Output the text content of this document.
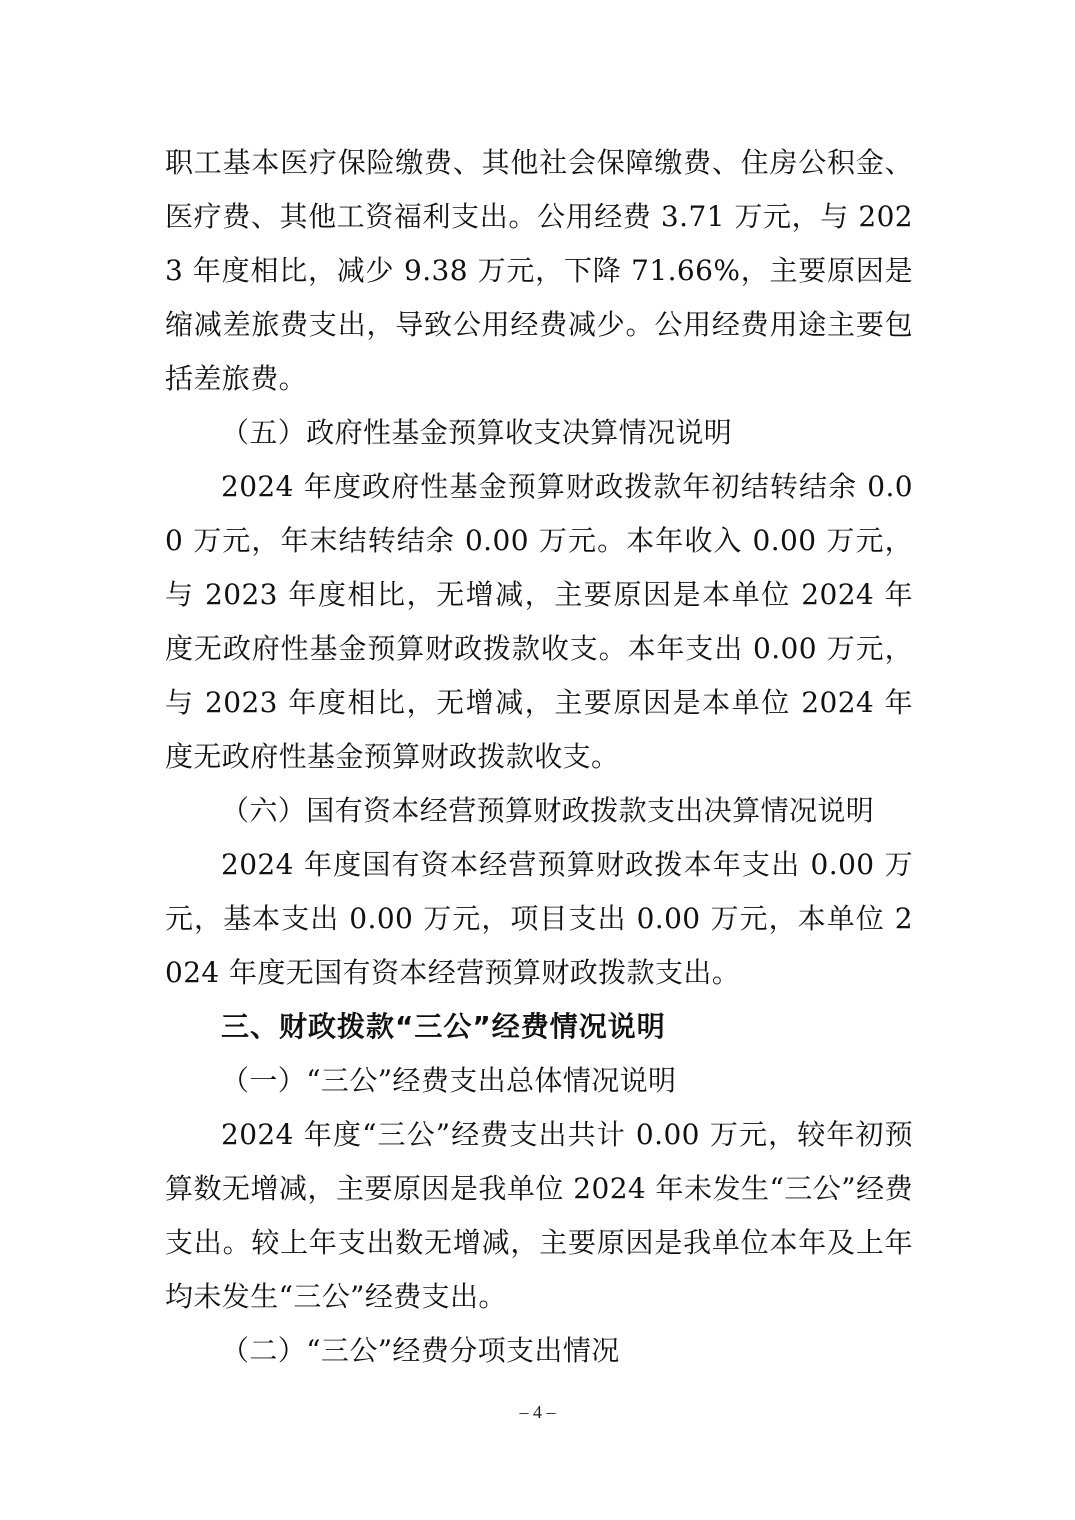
职工基本医疗保险缴费、其他社会保障缴费、住房公积金、医疗费、其他工资福利支出。公用经费 3.71 万元，与 2023 年度相比，减少 9.38 万元，下降 71.66%，主要原因是缩减差旅费支出，导致公用经费减少。公用经费用途主要包括差旅费。

（五）政府性基金预算收支决算情况说明

2024 年度政府性基金预算财政拨款年初结转结余 0.00 万元，年末结转结余 0.00 万元。本年收入 0.00 万元，与 2023 年度相比，无增减，主要原因是本单位 2024 年度无政府性基金预算财政拨款收支。本年支出 0.00 万元，与 2023 年度相比，无增减，主要原因是本单位 2024 年度无政府性基金预算财政拨款收支。

（六）国有资本经营预算财政拨款支出决算情况说明

2024 年度国有资本经营预算财政拨本年支出 0.00 万元，基本支出 0.00 万元，项目支出 0.00 万元，本单位 2024 年度无国有资本经营预算财政拨款支出。

三、财政拨款“三公”经费情况说明

（一）“三公”经费支出总体情况说明

2024 年度“三公”经费支出共计 0.00 万元，较年初预算数无增减，主要原因是我单位 2024 年未发生“三公”经费支出。较上年支出数无增减，主要原因是我单位本年及上年均未发生“三公”经费支出。

（二）“三公”经费分项支出情况

– 4 –
